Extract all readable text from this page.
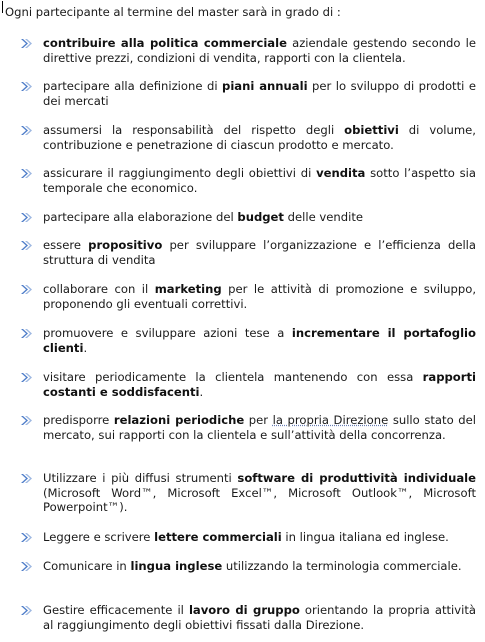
Ogni partecipante al termine del master sarà in grado di :
contribuire alla politica commerciale aziendale gestendo secondo le direttive prezzi, condizioni di vendita, rapporti con la clientela.
partecipare alla definizione di piani annuali per lo sviluppo di prodotti e dei mercati
assumersi la responsabilità del rispetto degli obiettivi di volume, contribuzione e penetrazione di ciascun prodotto e mercato.
assicurare il raggiungimento degli obiettivi di vendita sotto l’aspetto sia temporale che economico.
partecipare alla elaborazione del budget delle vendite
essere propositivo per sviluppare l’organizzazione e l’efficienza della struttura di vendita
collaborare con il marketing per le attività di promozione e sviluppo, proponendo gli eventuali correttivi.
promuovere e sviluppare azioni tese a incrementare il portafoglio clienti.
visitare periodicamente la clientela mantenendo con essa rapporti costanti e soddisfacenti.
predisporre relazioni periodiche per la propria Direzione sullo stato del mercato, sui rapporti con la clientela e sull’attività della concorrenza.
Utilizzare i più diffusi strumenti software di produttività individuale (Microsoft Word™, Microsoft Excel™, Microsoft Outlook™, Microsoft Powerpoint™).
Leggere e scrivere lettere commerciali in lingua italiana ed inglese.
Comunicare in lingua inglese utilizzando la terminologia commerciale.
Gestire efficacemente il lavoro di gruppo orientando la propria attività al raggiungimento degli obiettivi fissati dalla Direzione.
